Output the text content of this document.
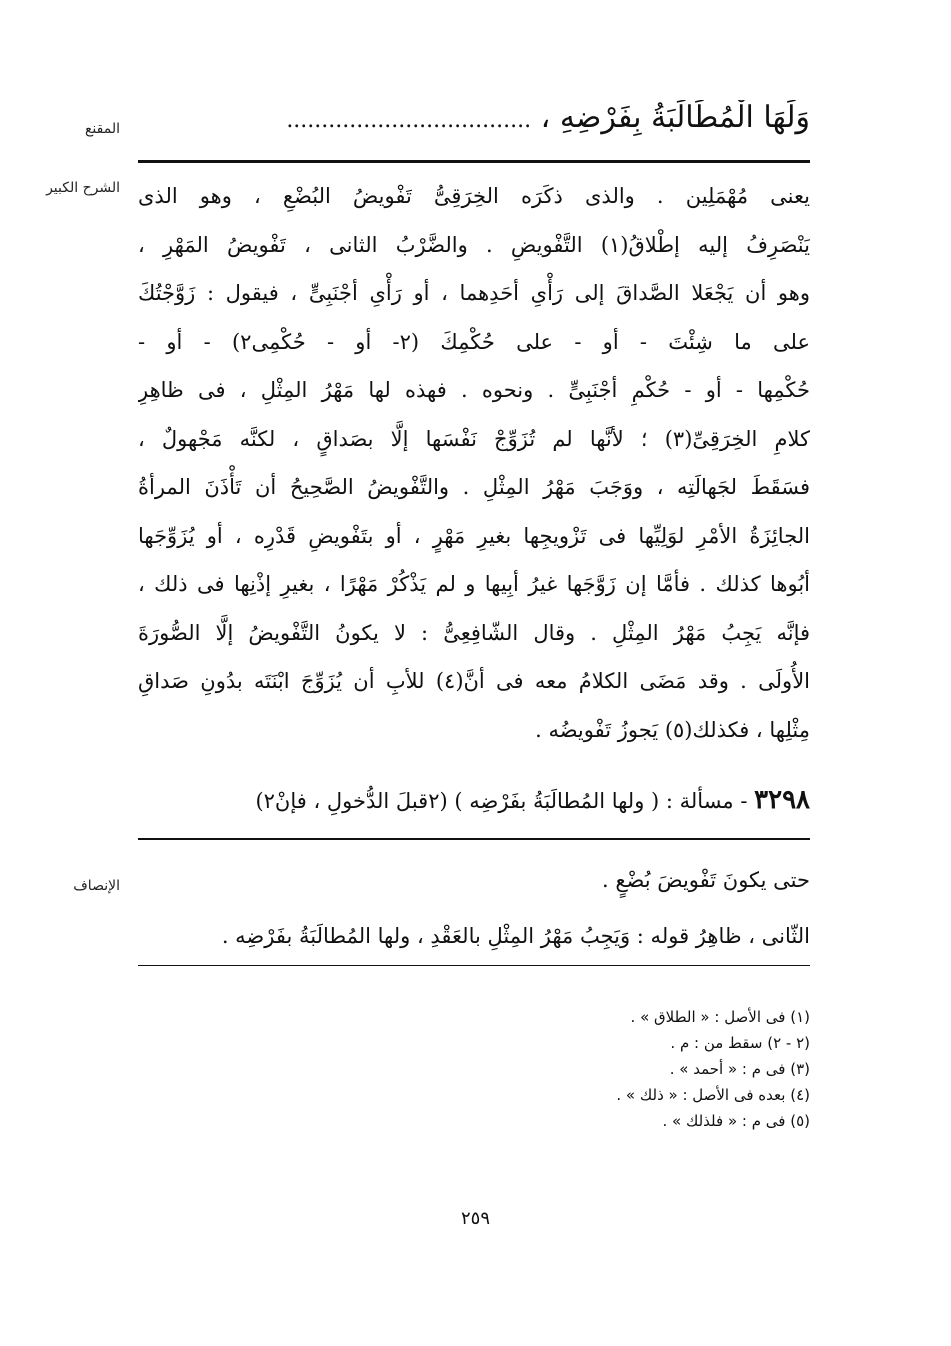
المقنع
الشرح الكبير
الإنصاف
وَلَهَا الْمُطَالَبَةُ بِفَرْضِهِ ، ...................................
يعنى مُهْمَلِين . والذى ذكَرَه الخِرَقِىُّ تَفْويضُ البُضْعِ ، وهو الذى
يَنْصَرِفُ إليه إطْلاقُ(١) التَّفْويضِ . والضَّرْبُ الثانى ، تَفْويضُ المَهْرِ ،
وهو أن يَجْعَلا الصَّداقَ إلى رَأْىِ أحَدِهما ، أو رَأْىِ أجْنَبِىٍّ ، فيقول : زَوَّجْتُكَ
على ما شِئْتَ - أو - على حُكْمِكَ (٢- أو - حُكْمِى٢) - أو -
حُكْمِها - أو - حُكْمِ أجْنَبِىٍّ . ونحوه . فهذه لها مَهْرُ المِثْلِ ، فى ظاهِرِ
كلامِ الخِرَقِىِّ(٣) ؛ لأنَّها لم تُزَوِّجْ نَفْسَها إلَّا بصَداقٍ ، لكنَّه مَجْهولٌ ،
فسَقَطَ لجَهالَتِه ، ووَجَبَ مَهْرُ المِثْلِ . والتَّفْويضُ الصَّحِيحُ أن تَأْذَنَ المرأةُ
الجائِزَةُ الأمْرِ لوَلِيِّها فى تَزْويجِها بغيرِ مَهْرٍ ، أو بتَفْويضِ قَدْرِه ، أو يُزَوِّجَها
أبُوها كذلك . فأمَّا إن زَوَّجَها غيرُ أبِيها و لم يَذْكُرْ مَهْرًا ، بغيرِ إذْنِها فى ذلك ،
فإنَّه يَجِبُ مَهْرُ المِثْلِ . وقال الشّافِعِىُّ : لا يكونُ التَّفْويضُ إلَّا الصُّورَةَ
الأُولَى . وقد مَضَى الكلامُ معه فى أنَّ(٤) للأبِ أن يُزَوِّجَ ابْنَتَه بدُونِ صَداقِ
مِثْلِها ، فكذلك(٥) يَجوزُ تَفْويضُه .
٣٢٩٨ - مسألة : ( ولها المُطالَبَةُ بفَرْضِه ) (٢قبلَ الدُّخولِ ، فإنْ٢)
حتى يكونَ تَفْويضَ بُضْعٍ .
الثّانى ، ظاهِرُ قوله : وَيَجِبُ مَهْرُ المِثْلِ بالعَقْدِ ، ولها المُطالَبَةُ بفَرْضِه .
(١) فى الأصل : « الطلاق » .
(٢ - ٢) سقط من : م .
(٣) فى م : « أحمد » .
(٤) بعده فى الأصل : « ذلك » .
(٥) فى م : « فلذلك » .
٢٥٩
